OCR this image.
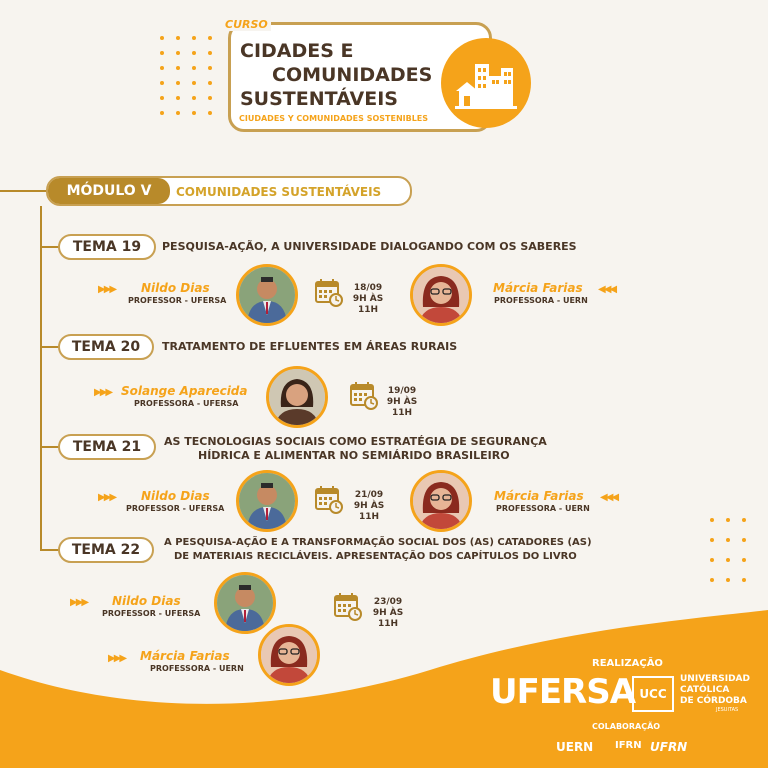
CURSO
CIDADES E
COMUNIDADES
SUSTENTÁVEIS
CIUDADES Y COMUNIDADES SOSTENIBLES
MÓDULO V	COMUNIDADES SUSTENTÁVEIS
TEMA 19	PESQUISA-AÇÃO, A UNIVERSIDADE DIALOGANDO COM OS SABERES
▶▶▶ Nildo Dias
PROFESSOR - UFERSA
18/09
9H ÀS 11H
Márcia Farias
PROFESSORA - UERN
◀◀◀
TEMA 20	TRATAMENTO DE EFLUENTES EM ÁREAS RURAIS
▶▶▶ Solange Aparecida
PROFESSORA - UFERSA
19/09
9H ÀS 11H
TEMA 21	AS TECNOLOGIAS SOCIAIS COMO ESTRATÉGIA DE SEGURANÇA
HÍDRICA E ALIMENTAR NO SEMIÁRIDO BRASILEIRO
▶▶▶ Nildo Dias
PROFESSOR - UFERSA
21/09
9H ÀS 11H
Márcia Farias
PROFESSORA - UERN
◀◀◀
TEMA 22	A PESQUISA-AÇÃO E A TRANSFORMAÇÃO SOCIAL DOS (AS) CATADORES (AS)
DE MATERIAIS RECICLÁVEIS. APRESENTAÇÃO DOS CAPÍTULOS DO LIVRO
▶▶▶ Nildo Dias
PROFESSOR - UFERSA
23/09
9H ÀS 11H
▶▶▶ Márcia Farias
PROFESSORA - UERN	REALIZAÇÃO
UFERSA UCC
UNIVERSIDAD
CATÓLICA
DE CÓRDOBA
JESUITAS
COLABORAÇÃO
UERN IFRN UFRN
